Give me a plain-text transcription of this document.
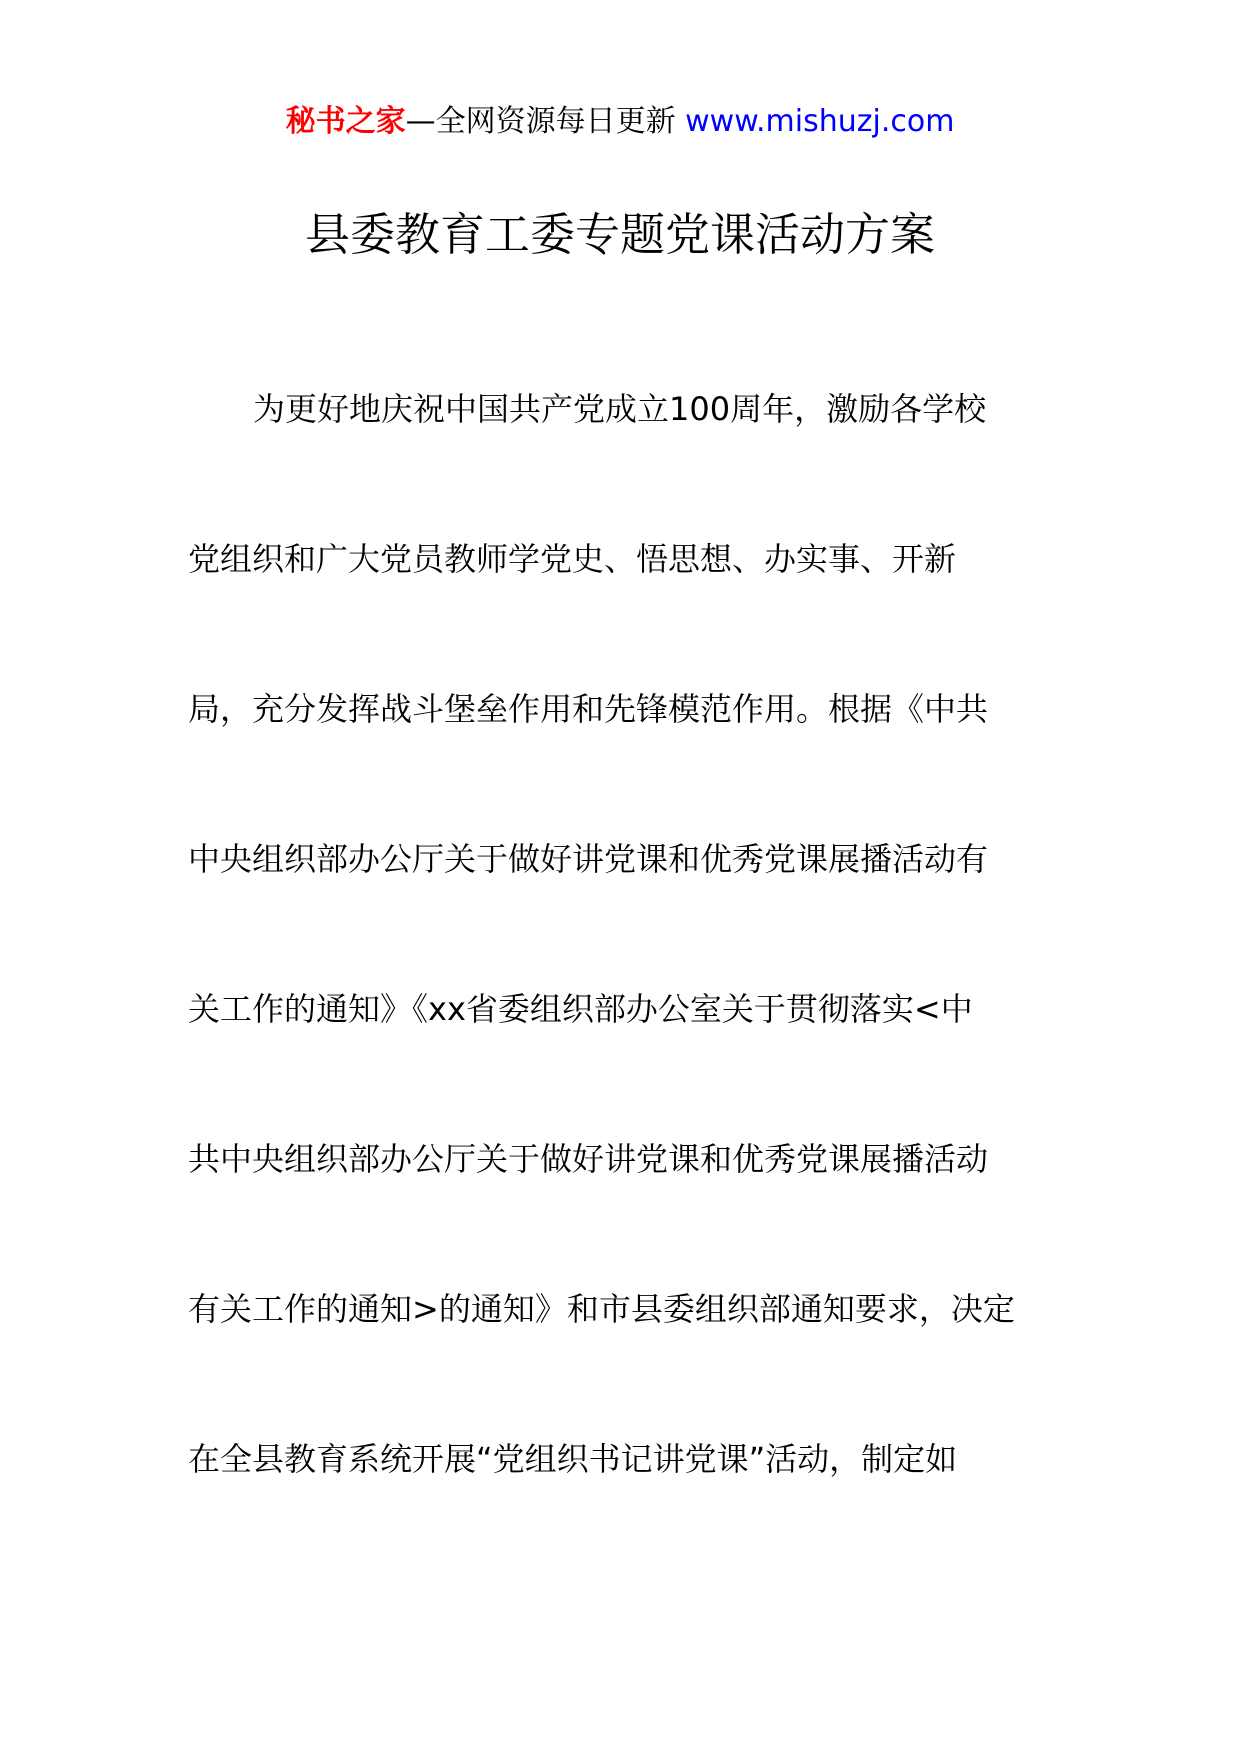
秘书之家—全网资源每日更新 www.mishuzj.com
县委教育工委专题党课活动方案
为更好地庆祝中国共产党成立100周年，激励各学校
党组织和广大党员教师学党史、悟思想、办实事、开新
局，充分发挥战斗堡垒作用和先锋模范作用。根据《中共
中央组织部办公厅关于做好讲党课和优秀党课展播活动有
关工作的通知》《xx省委组织部办公室关于贯彻落实<中
共中央组织部办公厅关于做好讲党课和优秀党课展播活动
有关工作的通知>的通知》和市县委组织部通知要求，决定
在全县教育系统开展“党组织书记讲党课”活动，制定如
